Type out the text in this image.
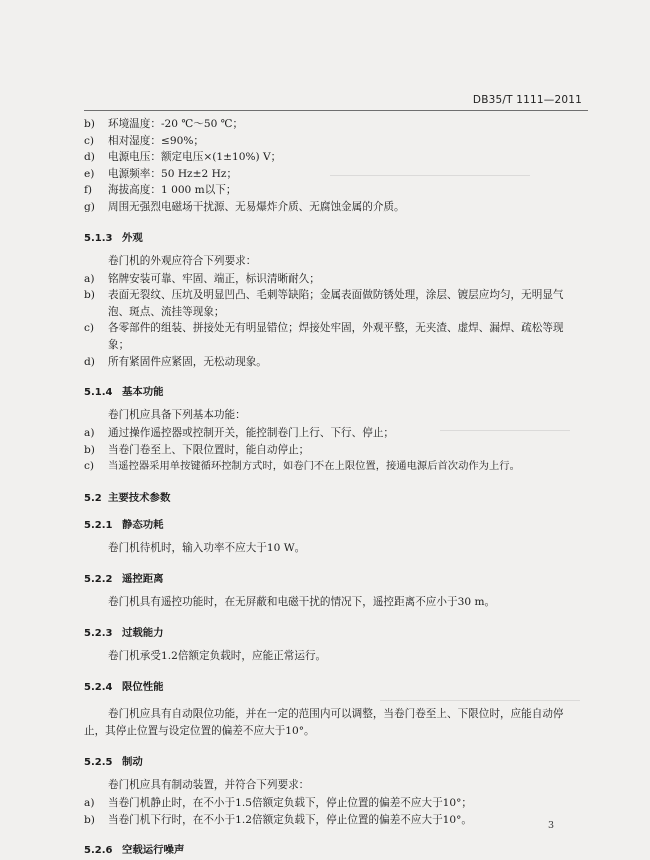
DB35/T 1111—2011
b) 环境温度：-20 ℃～50 ℃；
c) 相对湿度：≤90%；
d) 电源电压：额定电压×(1±10%) V；
e) 电源频率：50 Hz±2 Hz；
f) 海拔高度：1 000 m以下；
g) 周围无强烈电磁场干扰源、无易爆炸介质、无腐蚀金属的介质。
5.1.3 外观
卷门机的外观应符合下列要求：
a) 铭牌安装可靠、牢固、端正，标识清晰耐久；
b) 表面无裂纹、压坑及明显凹凸、毛刺等缺陷；金属表面做防锈处理，涂层、镀层应均匀，无明显气泡、斑点、流挂等现象；
c) 各零部件的组装、拼接处无有明显错位；焊接处牢固，外观平整，无夹渣、虚焊、漏焊、疏松等现象；
d) 所有紧固件应紧固，无松动现象。
5.1.4 基本功能
卷门机应具备下列基本功能：
a) 通过操作遥控器或控制开关，能控制卷门上行、下行、停止；
b) 当卷门卷至上、下限位置时，能自动停止；
c) 当遥控器采用单按键循环控制方式时，如卷门不在上限位置，接通电源后首次动作为上行。
5.2 主要技术参数
5.2.1 静态功耗
卷门机待机时，输入功率不应大于10 W。
5.2.2 遥控距离
卷门机具有遥控功能时，在无屏蔽和电磁干扰的情况下，遥控距离不应小于30 m。
5.2.3 过载能力
卷门机承受1.2倍额定负载时，应能正常运行。
5.2.4 限位性能
卷门机应具有自动限位功能，并在一定的范围内可以调整，当卷门卷至上、下限位时，应能自动停止，其停止位置与设定位置的偏差不应大于10°。
5.2.5 制动
卷门机应具有制动装置，并符合下列要求：
a) 当卷门机静止时，在不小于1.5倍额定负载下，停止位置的偏差不应大于10°；
b) 当卷门机下行时，在不小于1.2倍额定负载下，停止位置的偏差不应大于10°。
5.2.6 空载运行噪声
3
